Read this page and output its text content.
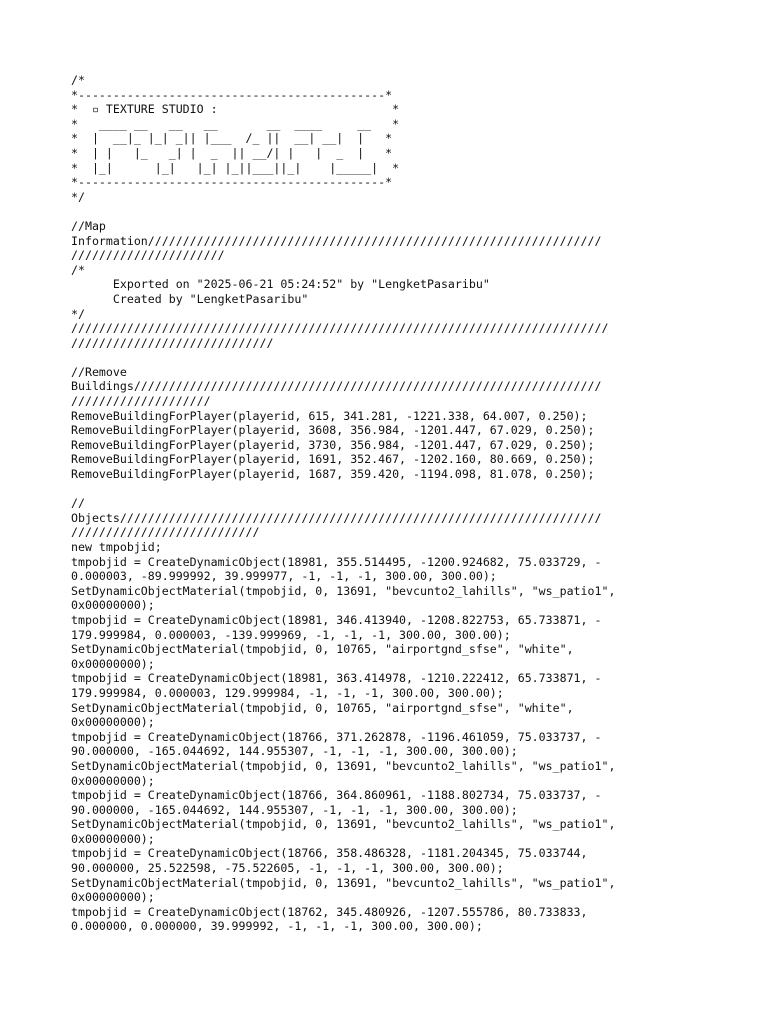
/*
*--------------------------------------------*
*  ▫ TEXTURE STUDIO :                         *
*   ____ __   __   __       __  ____     __   *
*  |  __|_ |_| _|| |___  /_ ||  __| __|  |   *
*  | |   |_   _| |  _  || __/| |   |  _  |   *
*  |_|      |_|   |_| |_||___||_|    |_____|  *
*--------------------------------------------*
*/
//Map
Information/////////////////////////////////////////////////////////////////
//////////////////////
/*
Exported on "2025-06-21 05:24:52" by "LengketPasaribu"
Created by "LengketPasaribu"
*/
/////////////////////////////////////////////////////////////////////////////
/////////////////////////////
//Remove
Buildings///////////////////////////////////////////////////////////////////
////////////////////
RemoveBuildingForPlayer(playerid, 615, 341.281, -1221.338, 64.007, 0.250);
RemoveBuildingForPlayer(playerid, 3608, 356.984, -1201.447, 67.029, 0.250);
RemoveBuildingForPlayer(playerid, 3730, 356.984, -1201.447, 67.029, 0.250);
RemoveBuildingForPlayer(playerid, 1691, 352.467, -1202.160, 80.669, 0.250);
RemoveBuildingForPlayer(playerid, 1687, 359.420, -1194.098, 81.078, 0.250);
//
Objects/////////////////////////////////////////////////////////////////////
///////////////////////////
new tmpobjid;
tmpobjid = CreateDynamicObject(18981, 355.514495, -1200.924682, 75.033729, -
0.000003, -89.999992, 39.999977, -1, -1, -1, 300.00, 300.00);
SetDynamicObjectMaterial(tmpobjid, 0, 13691, "bevcunto2_lahills", "ws_patio1",
0x00000000);
tmpobjid = CreateDynamicObject(18981, 346.413940, -1208.822753, 65.733871, -
179.999984, 0.000003, -139.999969, -1, -1, -1, 300.00, 300.00);
SetDynamicObjectMaterial(tmpobjid, 0, 10765, "airportgnd_sfse", "white",
0x00000000);
tmpobjid = CreateDynamicObject(18981, 363.414978, -1210.222412, 65.733871, -
179.999984, 0.000003, 129.999984, -1, -1, -1, 300.00, 300.00);
SetDynamicObjectMaterial(tmpobjid, 0, 10765, "airportgnd_sfse", "white",
0x00000000);
tmpobjid = CreateDynamicObject(18766, 371.262878, -1196.461059, 75.033737, -
90.000000, -165.044692, 144.955307, -1, -1, -1, 300.00, 300.00);
SetDynamicObjectMaterial(tmpobjid, 0, 13691, "bevcunto2_lahills", "ws_patio1",
0x00000000);
tmpobjid = CreateDynamicObject(18766, 364.860961, -1188.802734, 75.033737, -
90.000000, -165.044692, 144.955307, -1, -1, -1, 300.00, 300.00);
SetDynamicObjectMaterial(tmpobjid, 0, 13691, "bevcunto2_lahills", "ws_patio1",
0x00000000);
tmpobjid = CreateDynamicObject(18766, 358.486328, -1181.204345, 75.033744,
90.000000, 25.522598, -75.522605, -1, -1, -1, 300.00, 300.00);
SetDynamicObjectMaterial(tmpobjid, 0, 13691, "bevcunto2_lahills", "ws_patio1",
0x00000000);
tmpobjid = CreateDynamicObject(18762, 345.480926, -1207.555786, 80.733833,
0.000000, 0.000000, 39.999992, -1, -1, -1, 300.00, 300.00);
